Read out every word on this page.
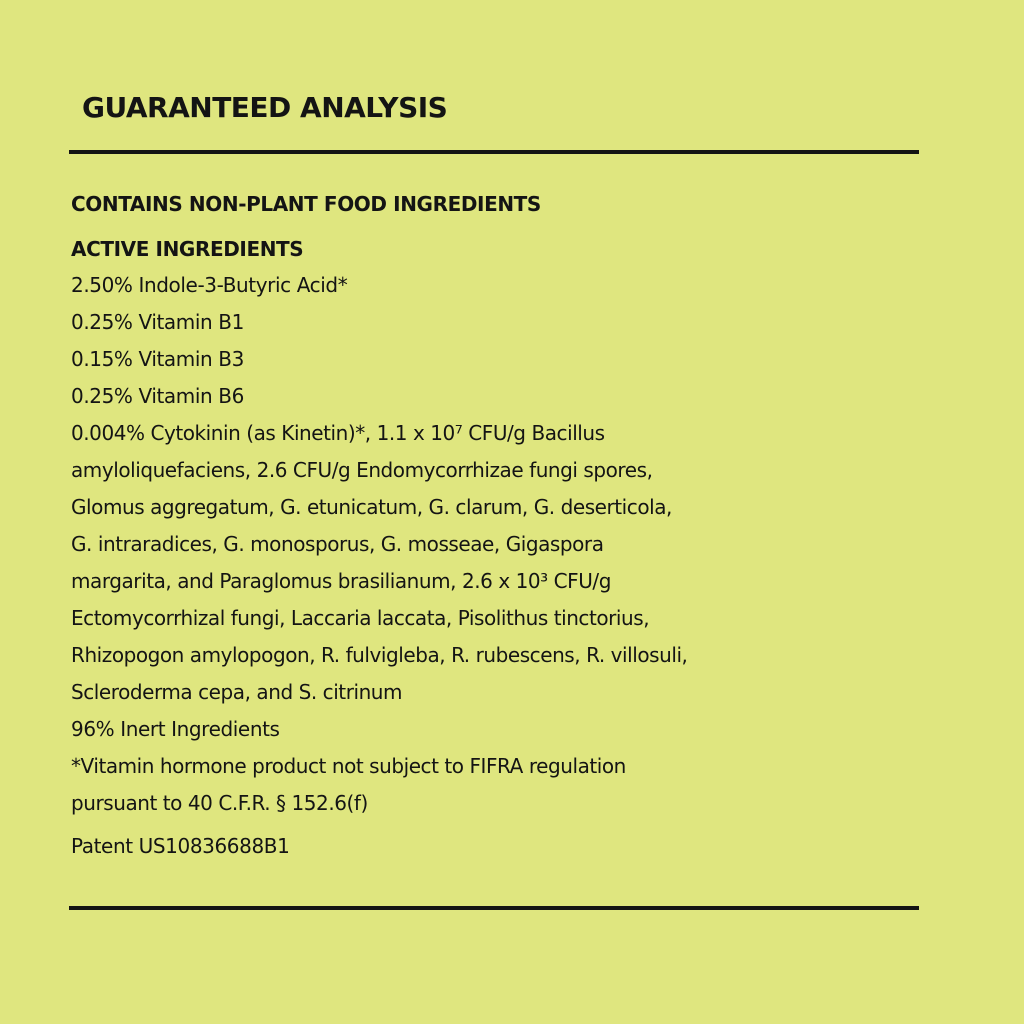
GUARANTEED ANALYSIS
CONTAINS NON-PLANT FOOD INGREDIENTS
ACTIVE INGREDIENTS
2.50% Indole-3-Butyric Acid*
0.25% Vitamin B1
0.15% Vitamin B3
0.25% Vitamin B6
0.004% Cytokinin (as Kinetin)*, 1.1 x 10⁷ CFU/g Bacillus
amyloliquefaciens, 2.6 CFU/g Endomycorrhizae fungi spores,
Glomus aggregatum, G. etunicatum, G. clarum, G. deserticola,
G. intraradices, G. monosporus, G. mosseae, Gigaspora
margarita, and Paraglomus brasilianum, 2.6 x 10³ CFU/g
Ectomycorrhizal fungi, Laccaria laccata, Pisolithus tinctorius,
Rhizopogon amylopogon, R. fulvigleba, R. rubescens, R. villosuli,
Scleroderma cepa, and S. citrinum
96% Inert Ingredients
*Vitamin hormone product not subject to FIFRA regulation
pursuant to 40 C.F.R. § 152.6(f)
Patent US10836688B1
